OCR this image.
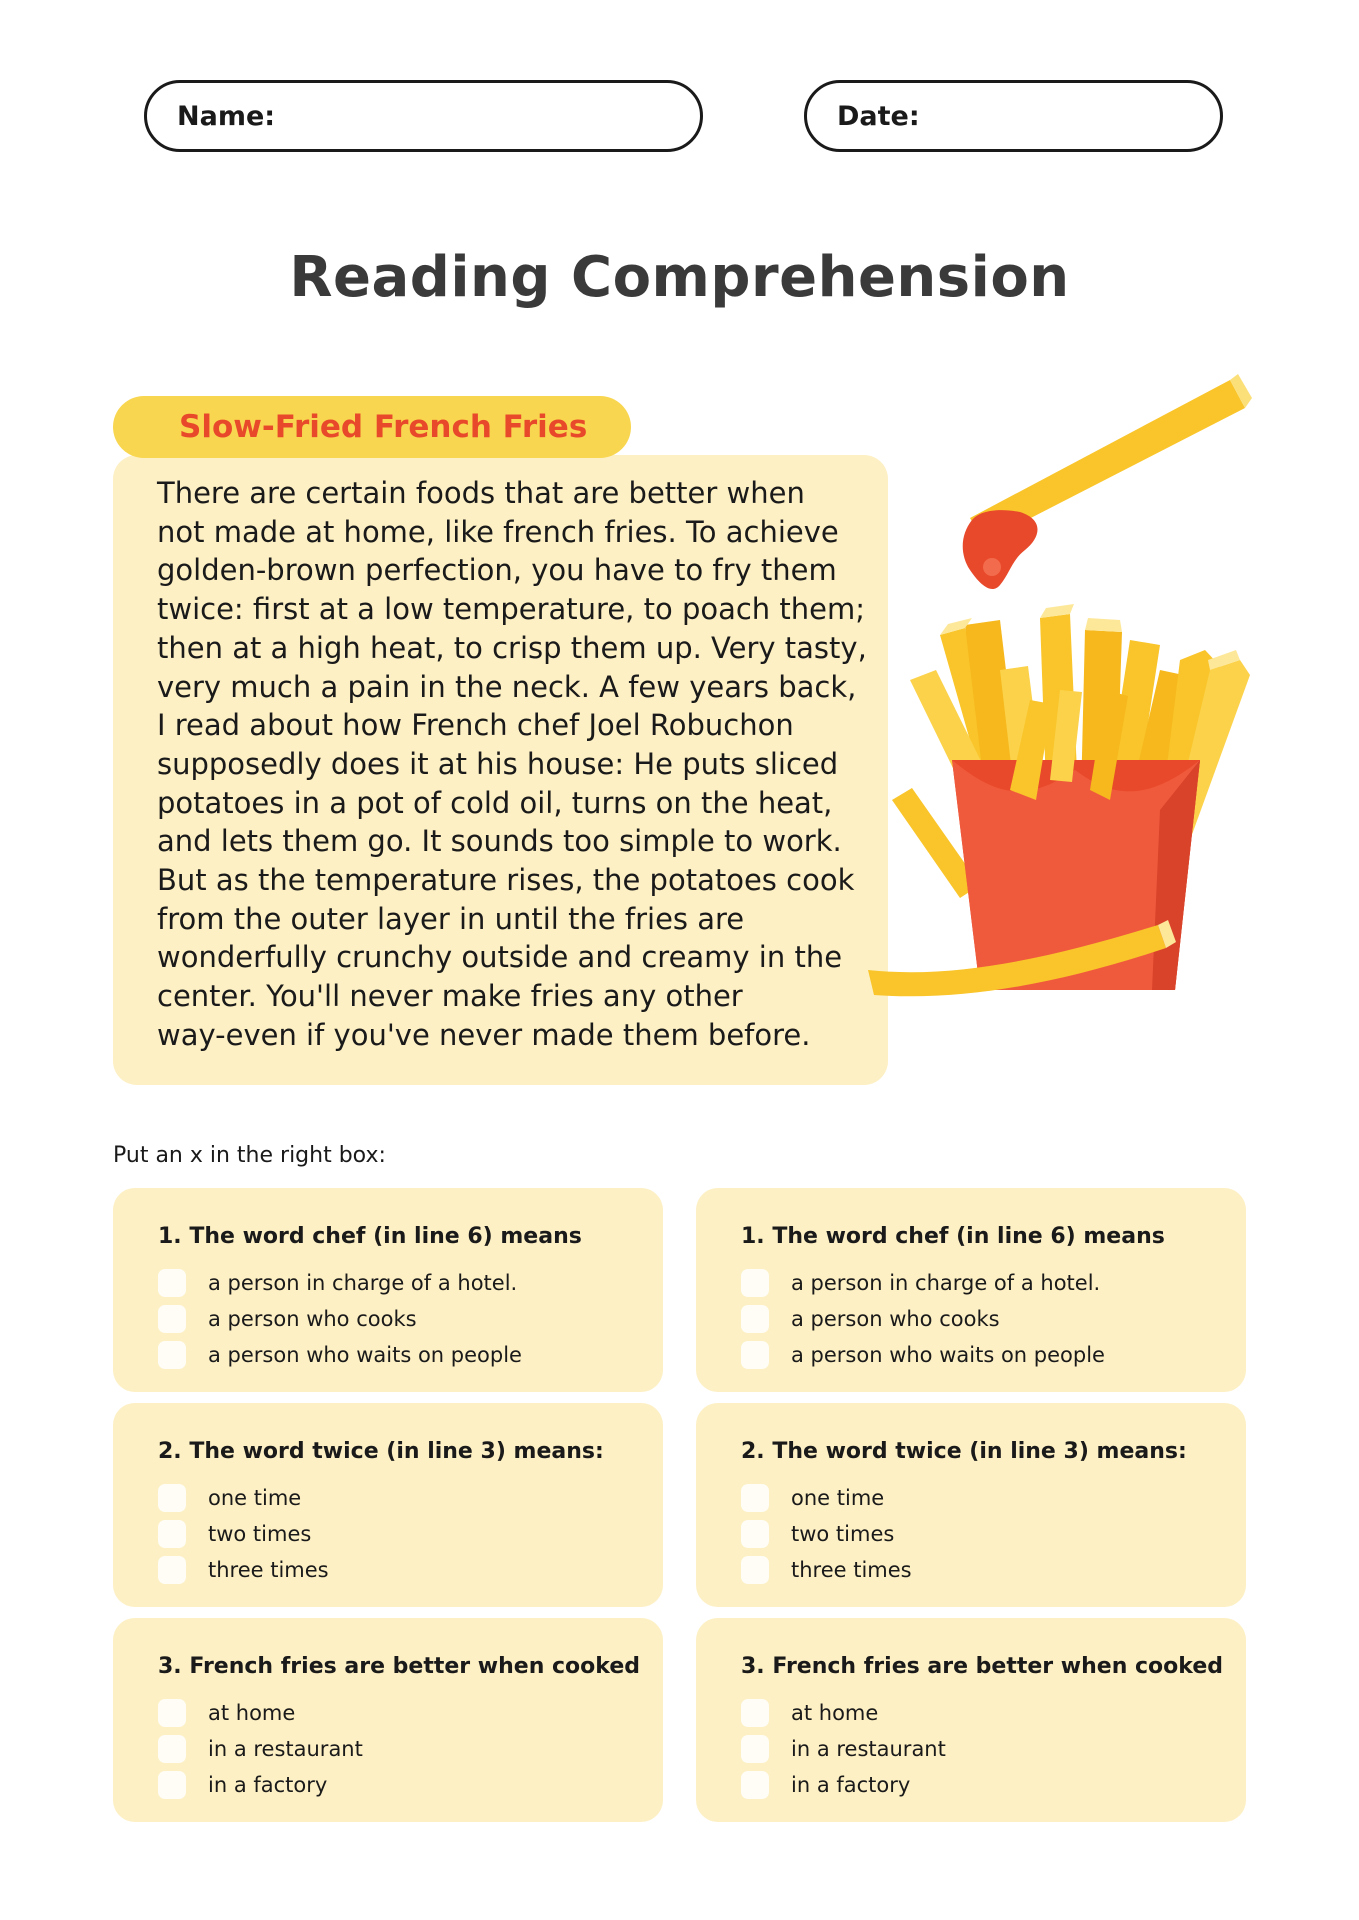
Name:	Date:
Reading Comprehension
Slow-Fried French Fries
There are certain foods that are better when
not made at home, like french fries. To achieve
golden-brown perfection, you have to fry them
twice: first at a low temperature, to poach them;
then at a high heat, to crisp them up. Very tasty,
very much a pain in the neck. A few years back,
I read about how French chef Joel Robuchon
supposedly does it at his house: He puts sliced
potatoes in a pot of cold oil, turns on the heat,
and lets them go. It sounds too simple to work.
But as the temperature rises, the potatoes cook
from the outer layer in until the fries are
wonderfully crunchy outside and creamy in the
center. You'll never make fries any other
way-even if you've never made them before.
Put an x in the right box:
1. The word chef (in line 6) means
a person in charge of a hotel.
a person who cooks
a person who waits on people
1. The word chef (in line 6) means
a person in charge of a hotel.
a person who cooks
a person who waits on people
2. The word twice (in line 3) means:
one time
two times
three times
2. The word twice (in line 3) means:
one time
two times
three times
3. French fries are better when cooked
at home
in a restaurant
in a factory
3. French fries are better when cooked
at home
in a restaurant
in a factory
